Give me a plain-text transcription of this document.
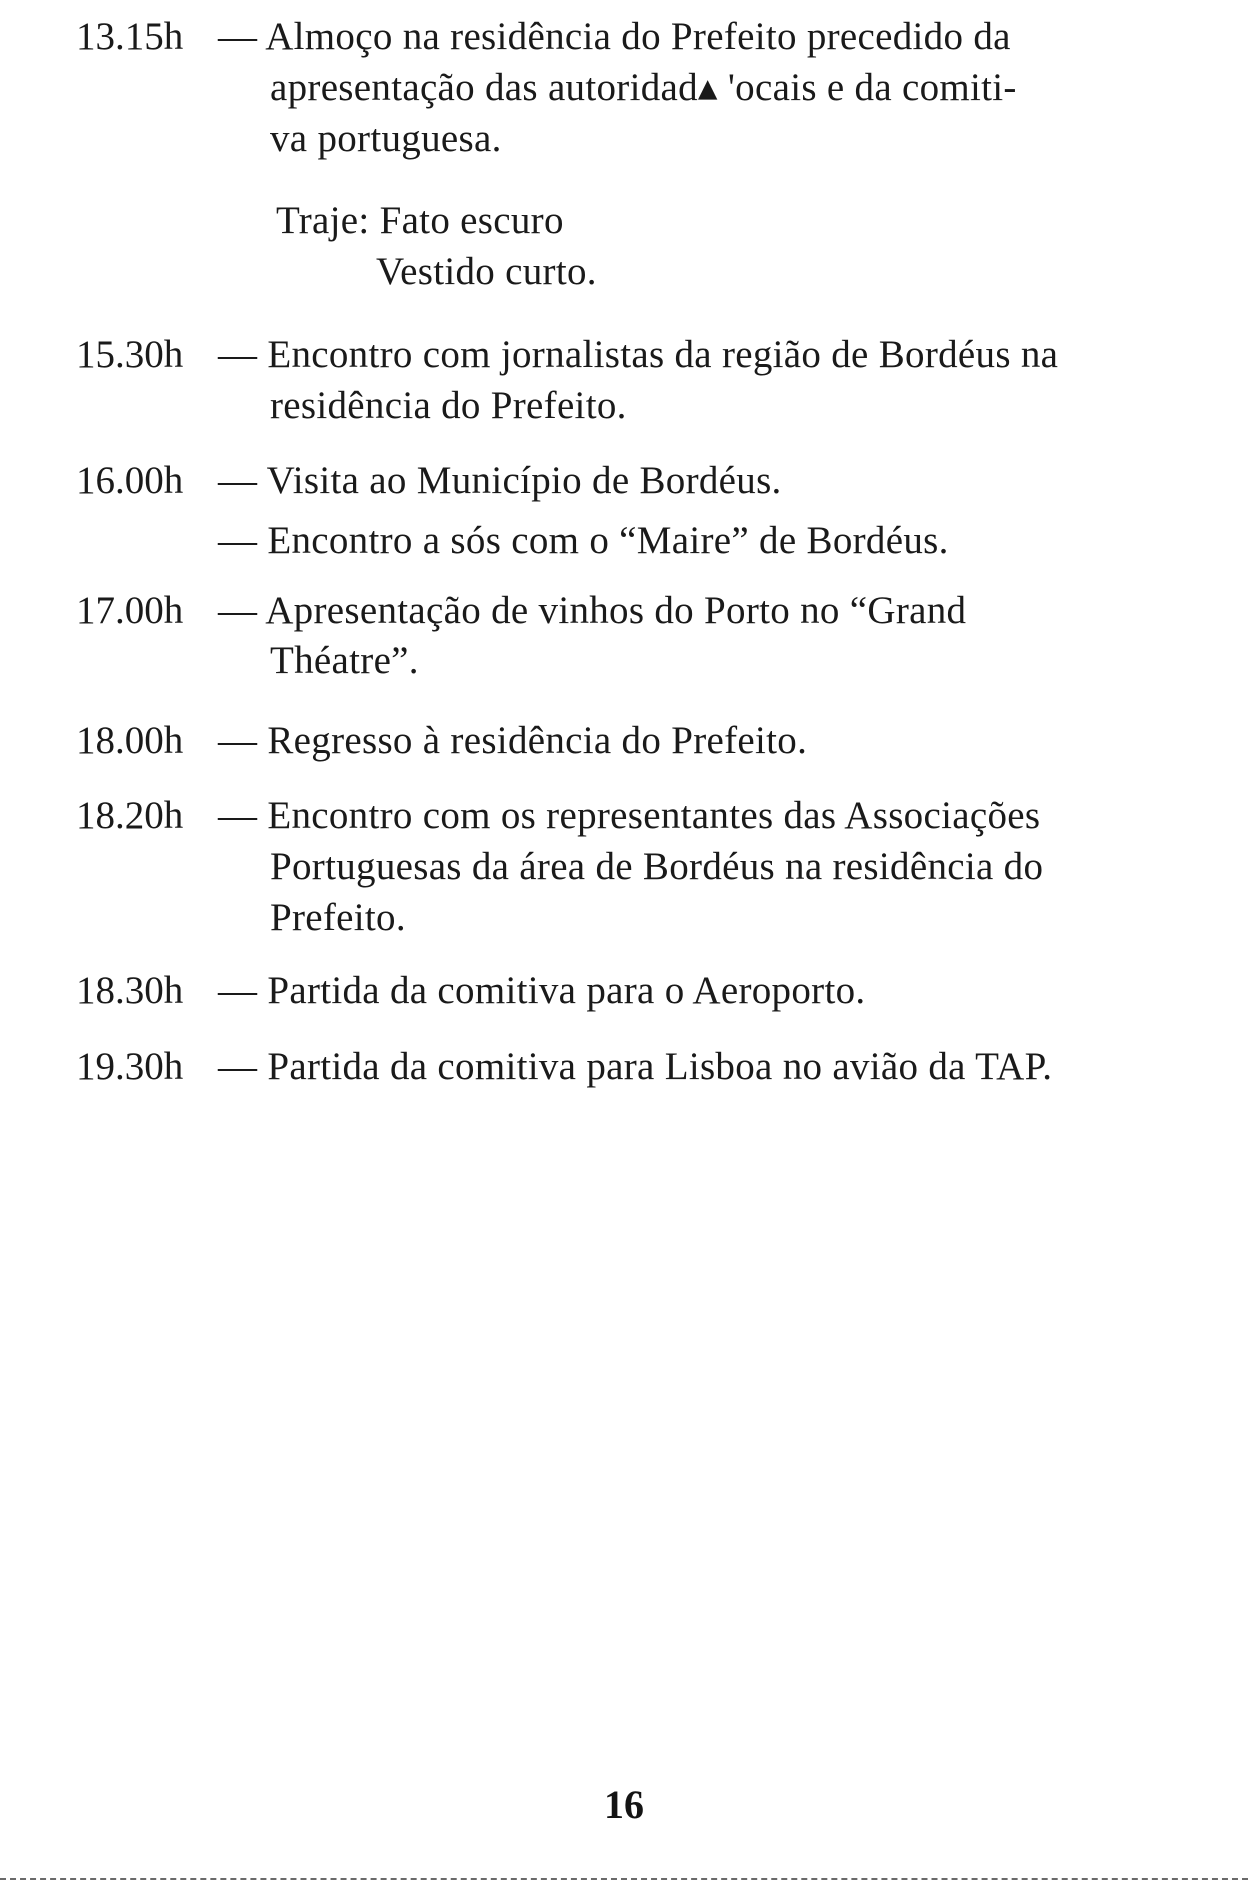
13.15h — Almoço na residência do Prefeito precedido da
apresentação das autoridad▴ 'ocais e da comiti-
va portuguesa.
Traje: Fato escuro
Vestido curto.
15.30h — Encontro com jornalistas da região de Bordéus na
residência do Prefeito.
16.00h — Visita ao Município de Bordéus.
— Encontro a sós com o “Maire” de Bordéus.
17.00h — Apresentação de vinhos do Porto no “Grand
Théatre”.
18.00h — Regresso à residência do Prefeito.
18.20h — Encontro com os representantes das Associações
Portuguesas da área de Bordéus na residência do
Prefeito.
18.30h — Partida da comitiva para o Aeroporto.
19.30h — Partida da comitiva para Lisboa no avião da TAP.
16
